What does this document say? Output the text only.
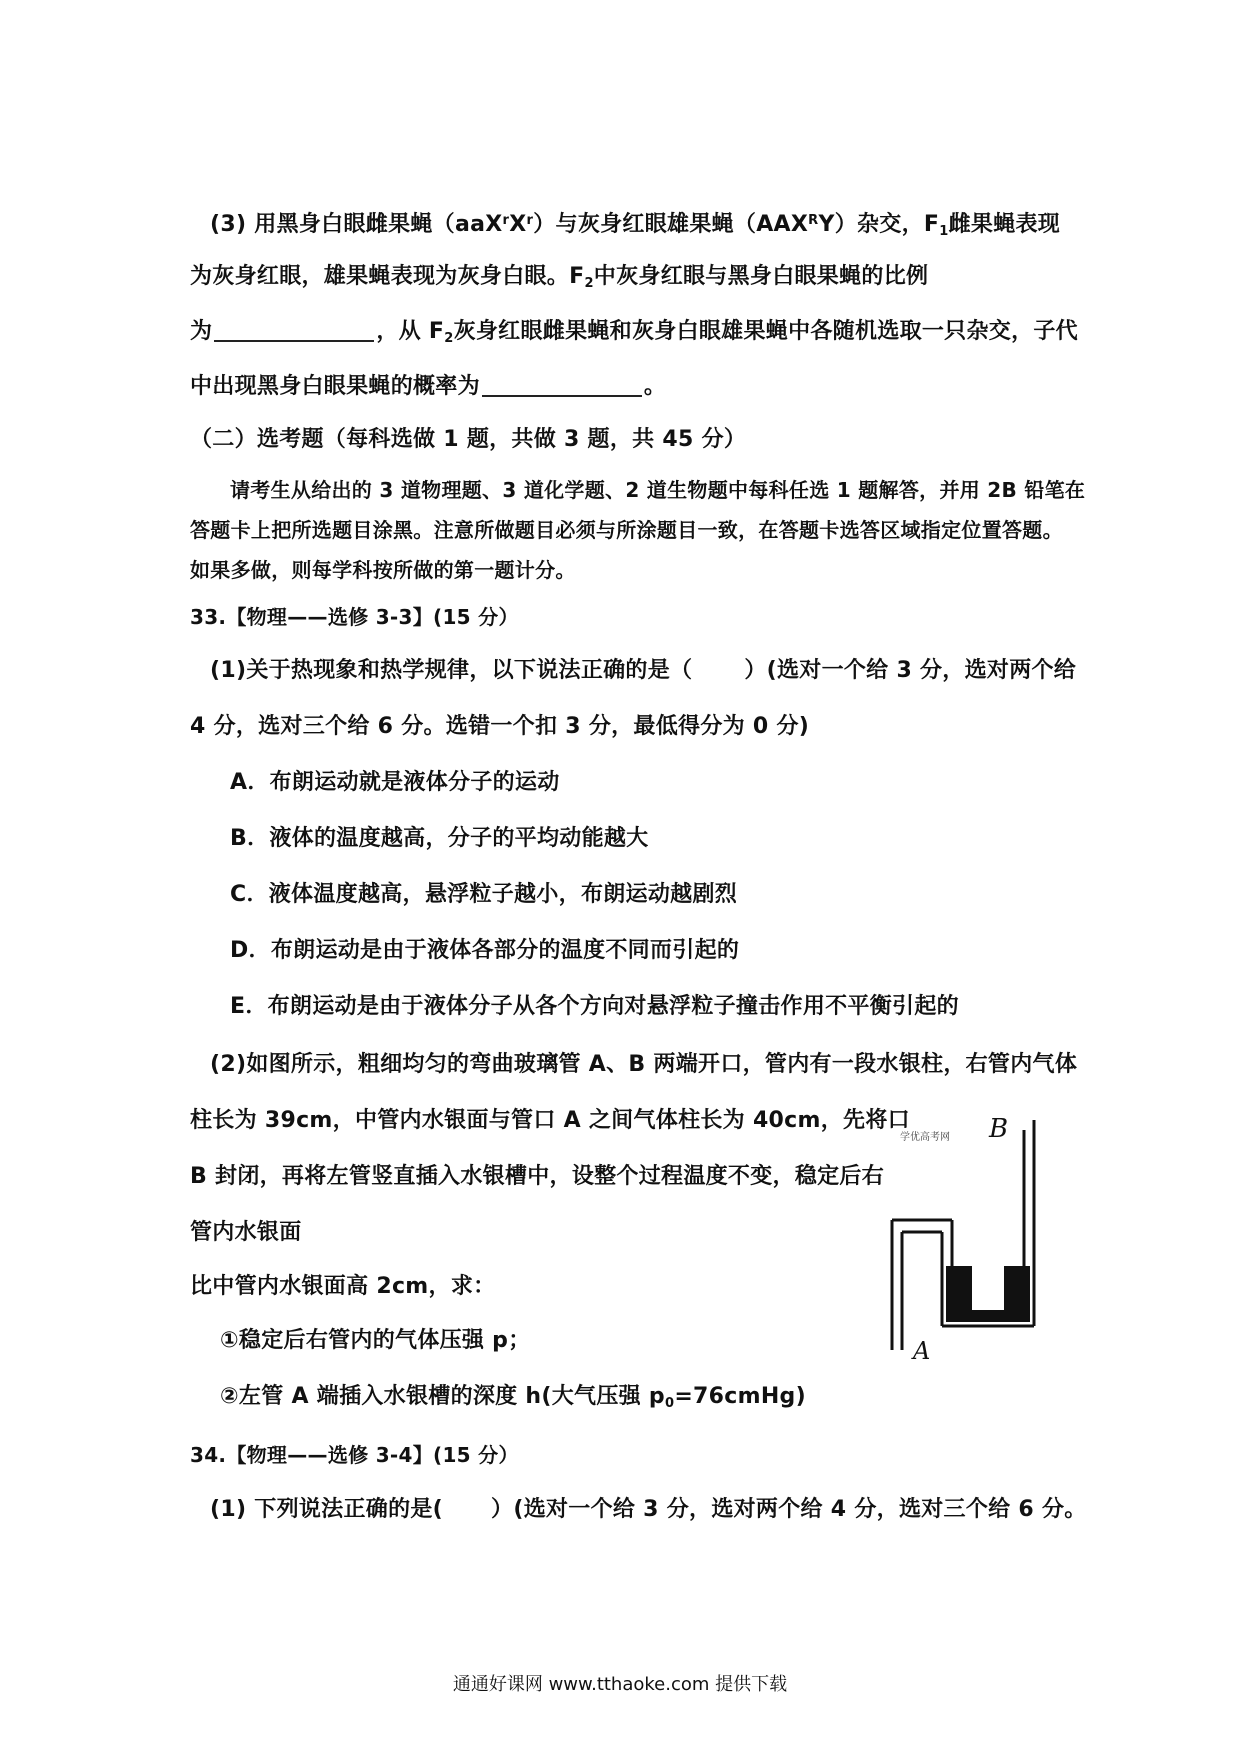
(3) 用黑身白眼雌果蝇$(aaX^rX^r)$与灰身红眼雄果蝇$(AAX^RY)$杂交，$F_1$雌果蝇表现
为灰身红眼，雄果蝇表现为灰身白眼。$F_2$中灰身红眼与黑身白眼果蝇的比例
为	，从 $F_2$灰身红眼雌果蝇和灰身白眼雄果蝇中各随机选取一只杂交，子代
中出现黑身白眼果蝇的概率为	。
（二）选考题（每科选做 1 题，共做 3 题，共 45 分）
请考生从给出的 3 道物理题、3 道化学题、2 道生物题中每科任选 1 题解答，并用 2B 铅笔在
答题卡上把所选题目涂黑。注意所做题目必须与所涂题目一致，在答题卡选答区域指定位置答题。
如果多做，则每学科按所做的第一题计分。
33.【物理——选修 3-3】(15 分）
(1)关于热现象和热学规律，以下说法正确的是（ ）(选对一个给 3 分，选对两个给
4 分，选对三个给 6 分。选错一个扣 3 分，最低得分为 0 分)
A．布朗运动就是液体分子的运动
B．液体的温度越高，分子的平均动能越大
C．液体温度越高，悬浮粒子越小，布朗运动越剧烈
D．布朗运动是由于液体各部分的温度不同而引起的
E．布朗运动是由于液体分子从各个方向对悬浮粒子撞击作用不平衡引起的
(2)如图所示，粗细均匀的弯曲玻璃管 A、B 两端开口，管内有一段水银柱，右管内气体
柱长为 39cm，中管内水银面与管口 A 之间气体柱长为 40cm，先将口
B 封闭，再将左管竖直插入水银槽中，设整个过程温度不变，稳定后右
管内水银面
比中管内水银面高 2cm，求：
①稳定后右管内的气体压强 p；
②左管 A 端插入水银槽的深度 h(大气压强 $p_0=76cmHg$)
学优高考网 B
A
34.【物理——选修 3-4】(15 分）
(1) 下列说法正确的是( ）(选对一个给 3 分，选对两个给 4 分，选对三个给 6 分。
通通好课网 www.tthaoke.com 提供下载
